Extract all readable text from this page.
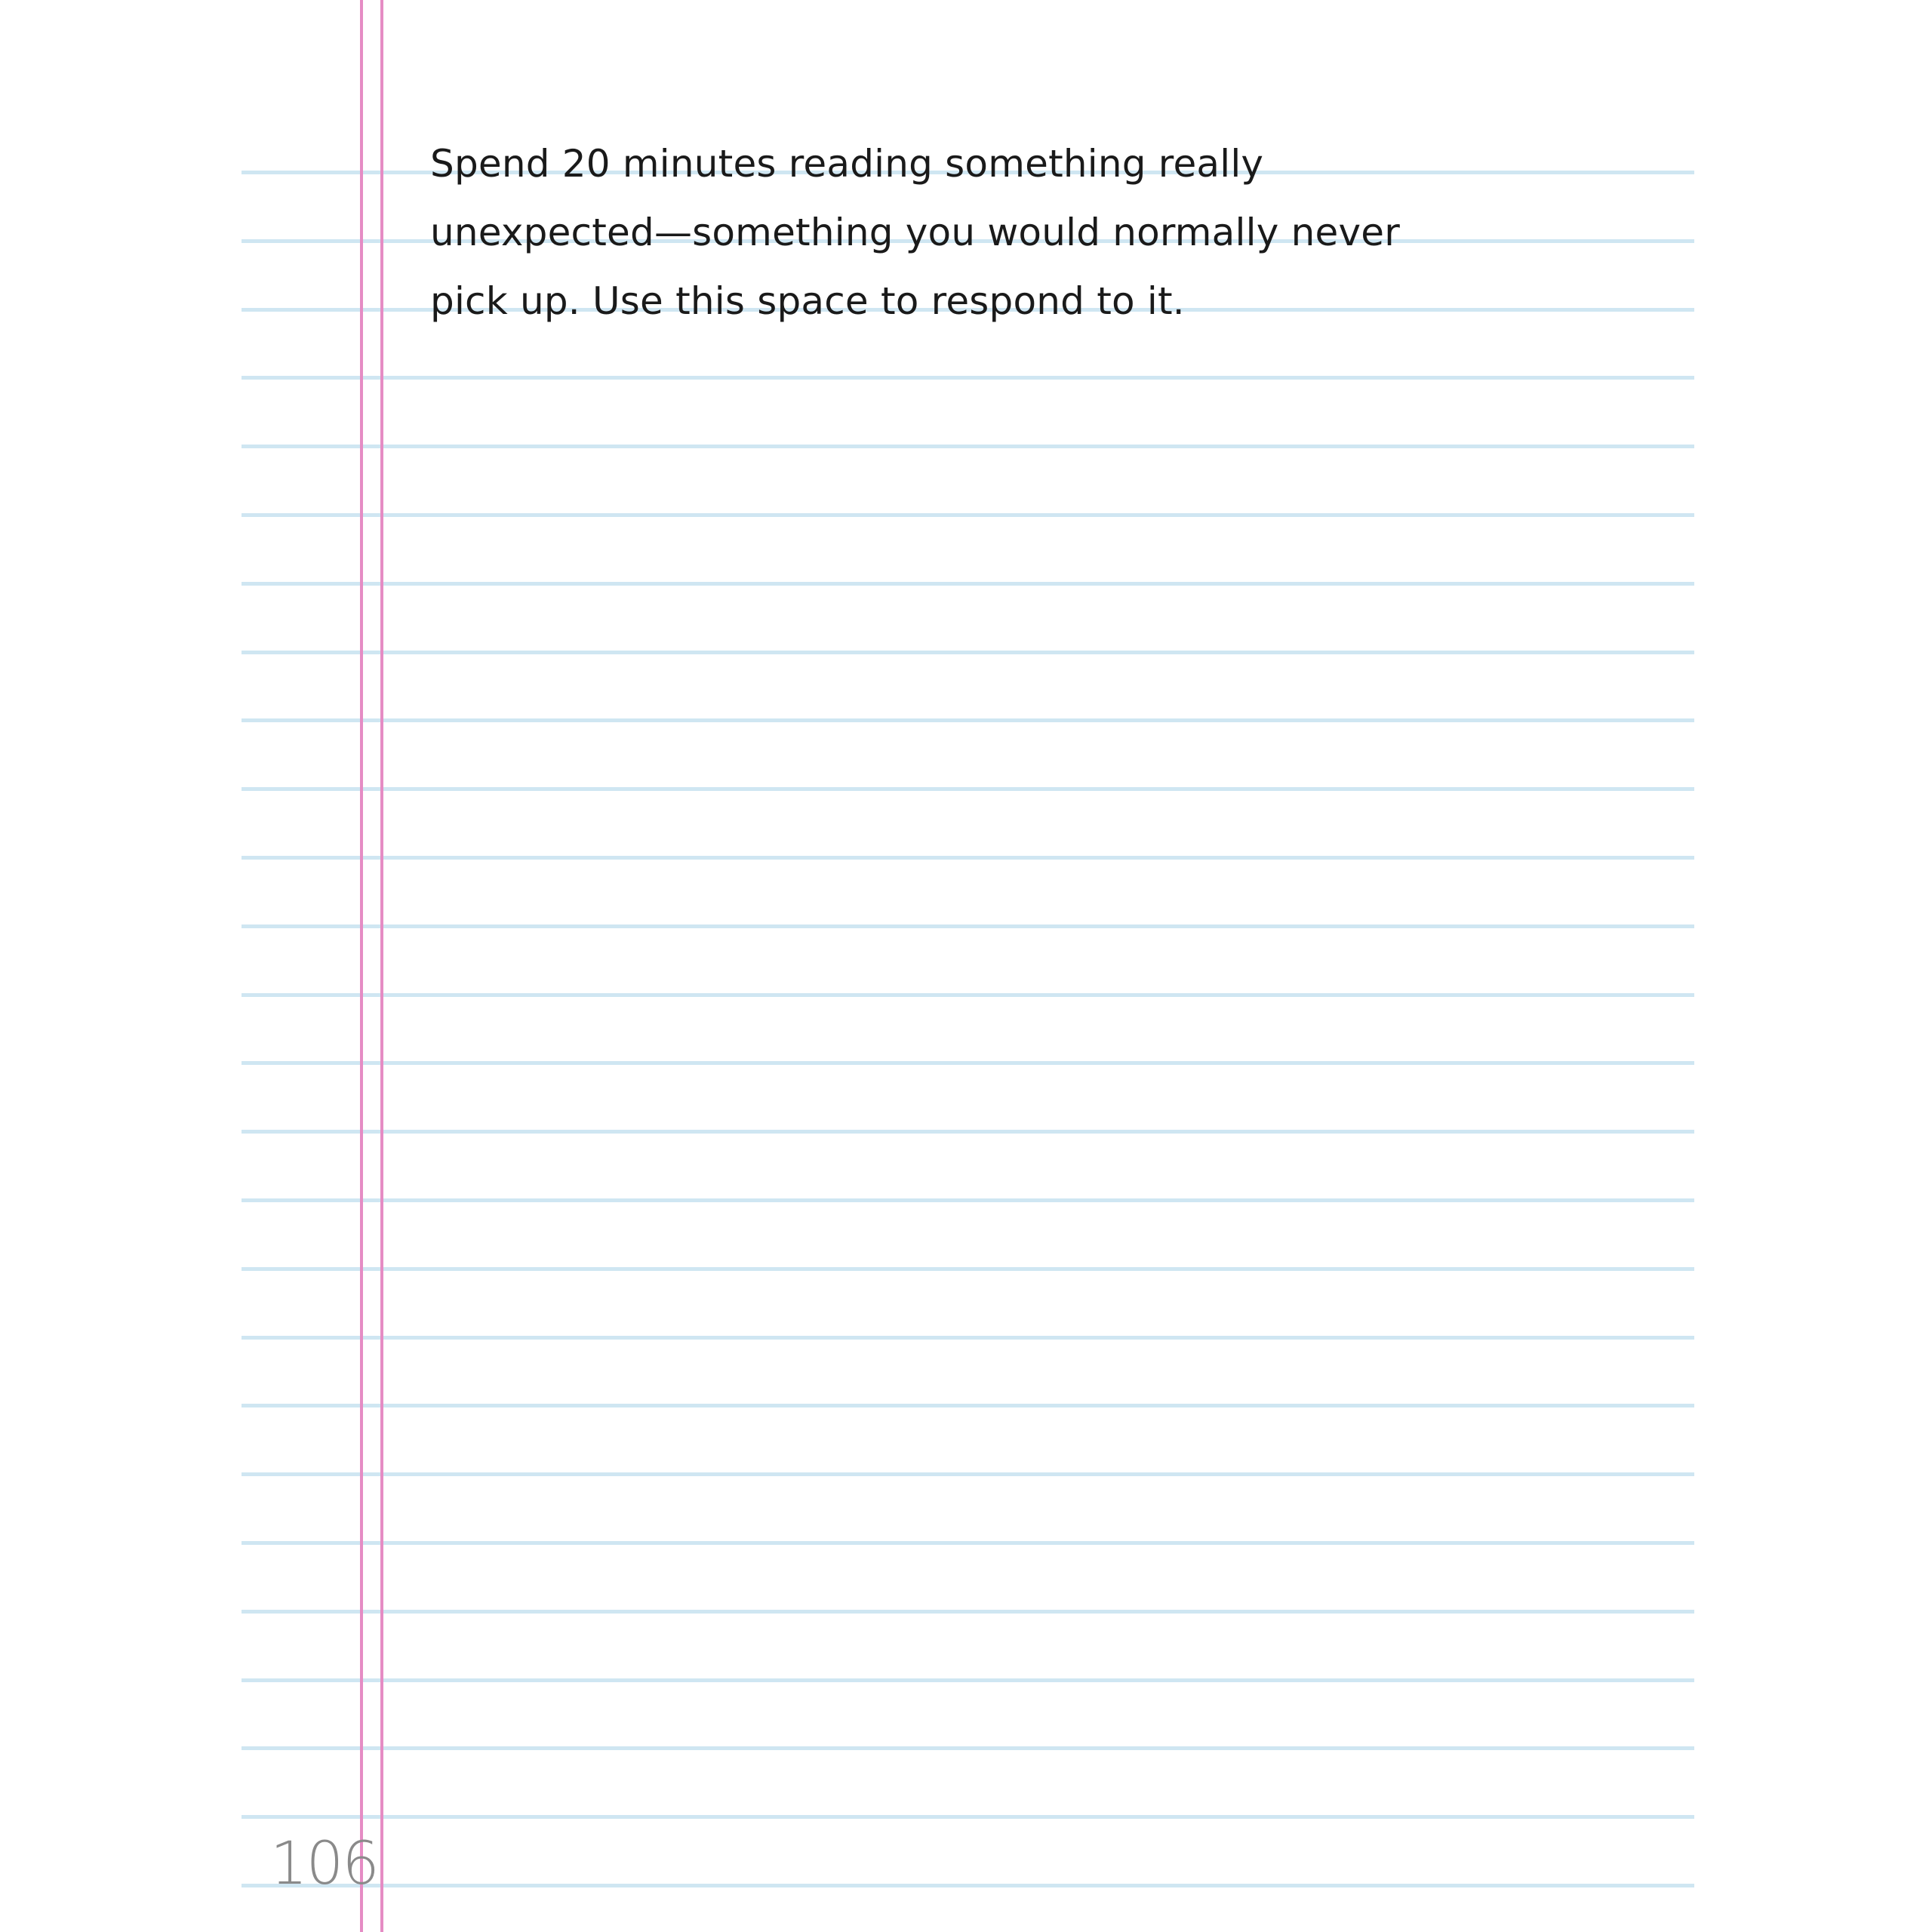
Spend 20 minutes reading something really
unexpected—something you would normally never
pick up. Use this space to respond to it.

106
